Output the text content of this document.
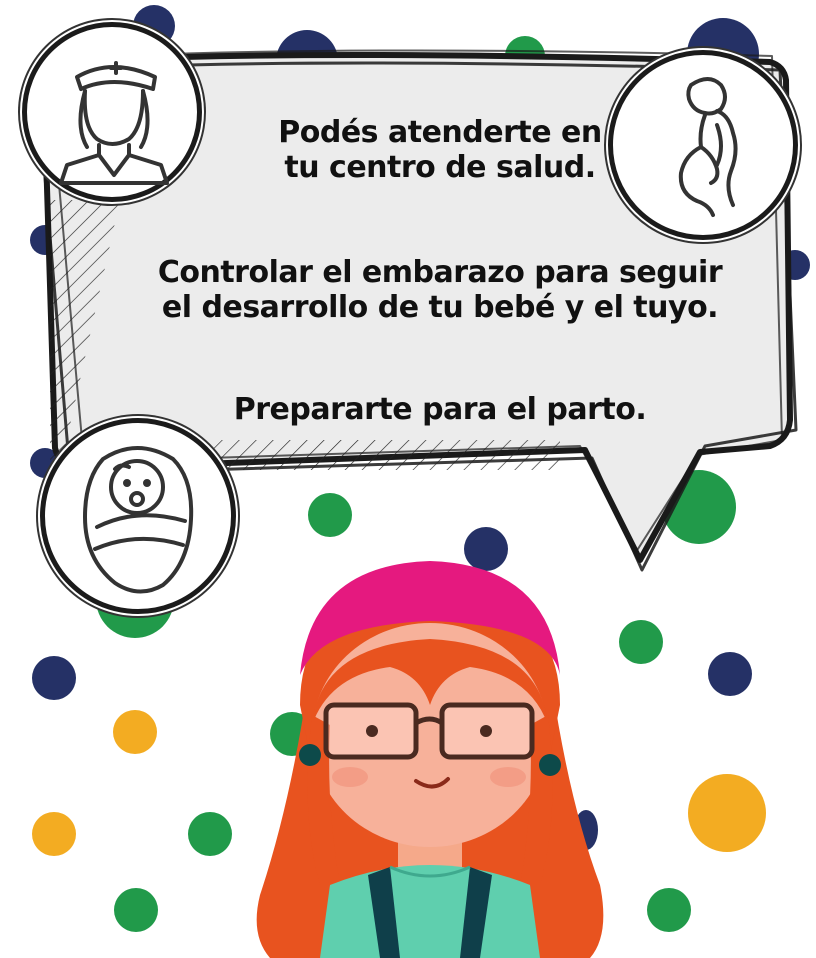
Podés atenderte en
tu centro de salud.
Controlar el embarazo para seguir
el desarrollo de tu bebé y el tuyo.
Prepararte para el parto.
